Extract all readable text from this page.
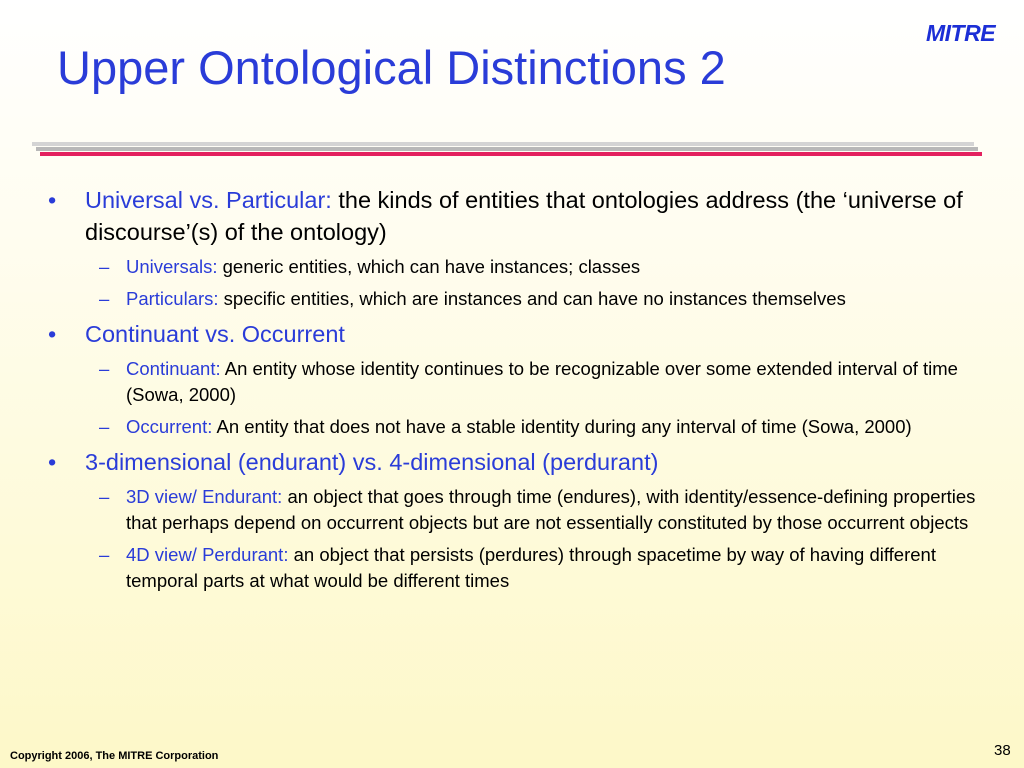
MITRE
Upper Ontological Distinctions 2
• Universal vs. Particular: the kinds of entities that ontologies address (the ‘universe of discourse’(s) of the ontology)
– Universals: generic entities, which can have instances; classes
– Particulars: specific entities, which are instances and can have no instances themselves
• Continuant vs. Occurrent
– Continuant: An entity whose identity continues to be recognizable over some extended interval of time (Sowa, 2000)
– Occurrent: An entity that does not have a stable identity during any interval of time (Sowa, 2000)
• 3-dimensional (endurant) vs. 4-dimensional (perdurant)
– 3D view/ Endurant: an object that goes through time (endures), with identity/essence-defining properties that perhaps depend on occurrent objects but are not essentially constituted by those occurrent objects
– 4D view/ Perdurant: an object that persists (perdures) through spacetime by way of having different temporal parts at what would be different times
Copyright 2006, The MITRE Corporation	38
